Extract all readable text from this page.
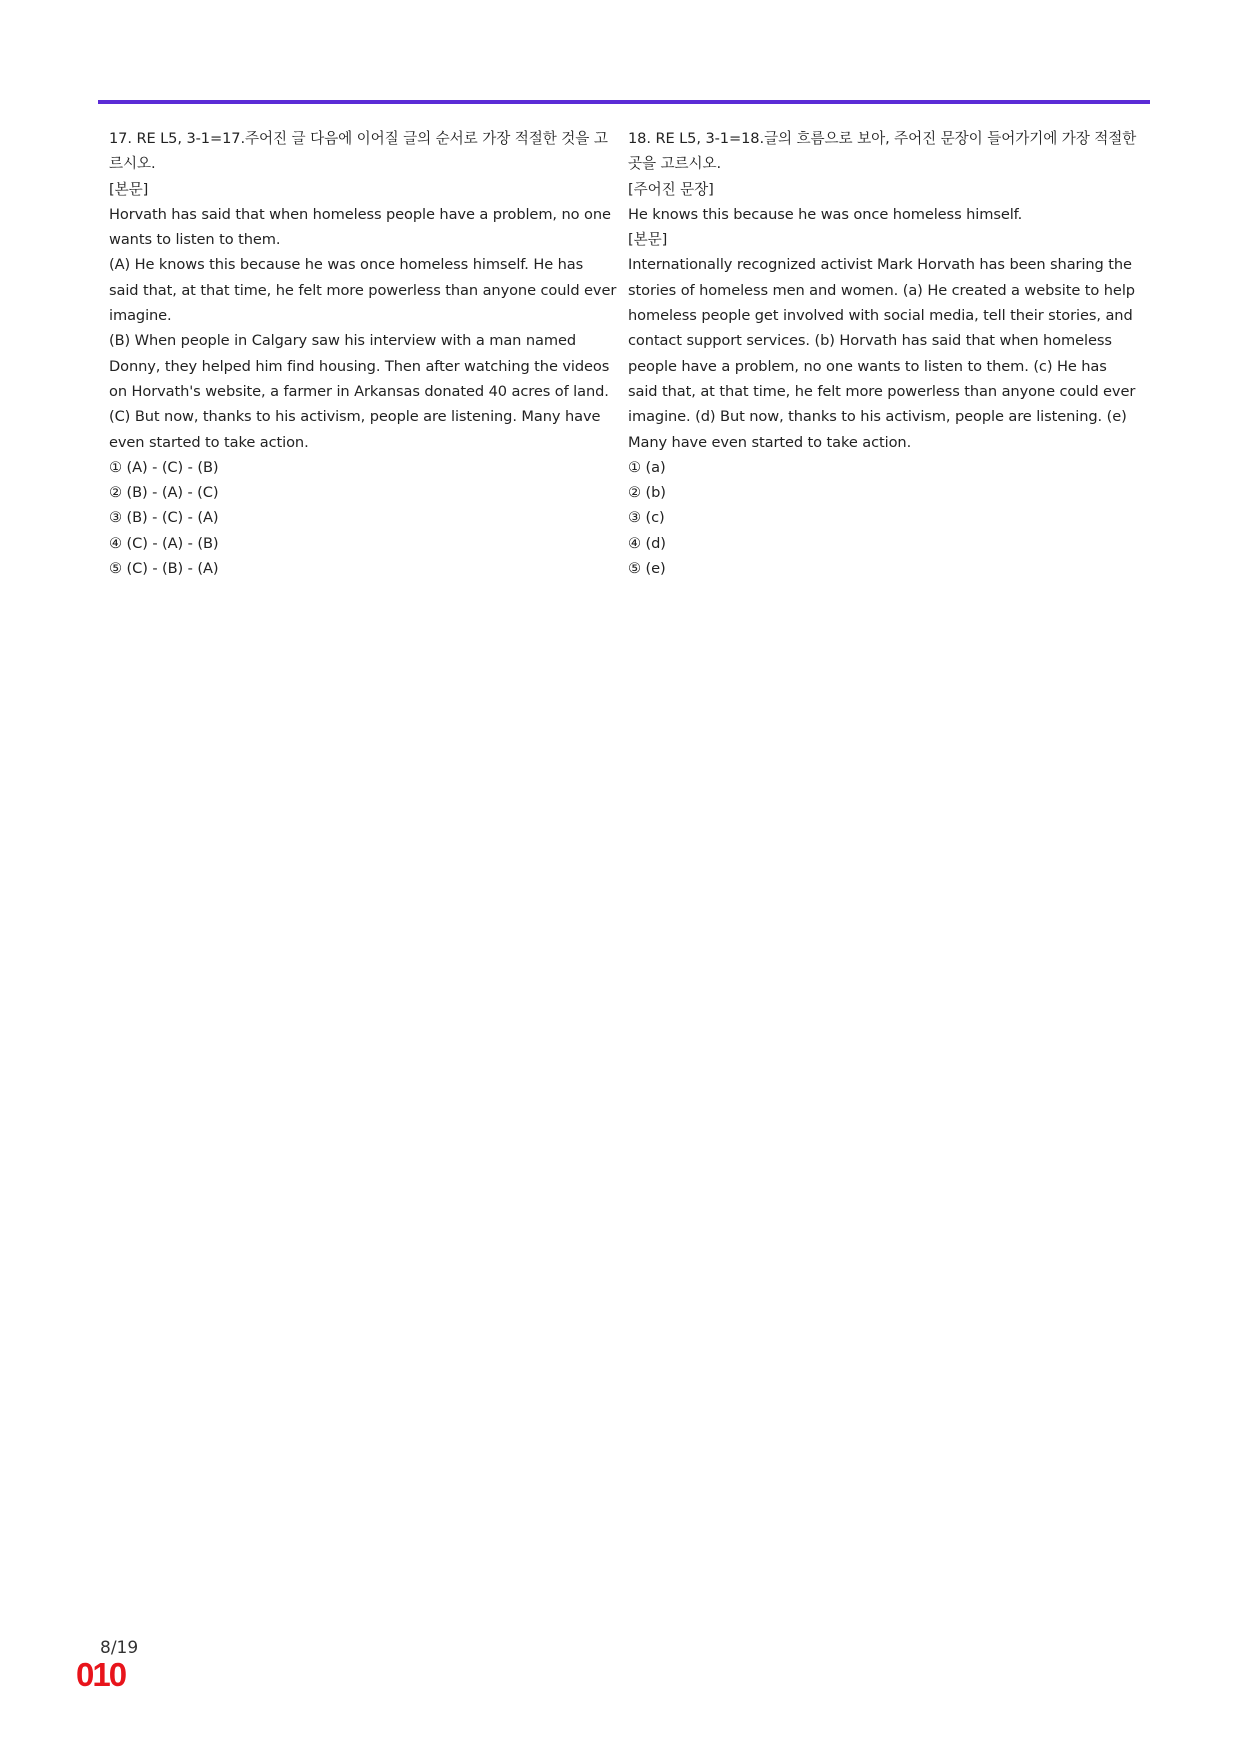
17. RE L5, 3-1=17.주어진 글 다음에 이어질 글의 순서로 가장 적절한 것을 고르시오.

[본문]

Horvath has said that when homeless people have a problem, no one wants to listen to them.

(A) He knows this because he was once homeless himself. He has said that, at that time, he felt more powerless than anyone could ever imagine.

(B) When people in Calgary saw his interview with a man named Donny, they helped him find housing. Then after watching the videos on Horvath's website, a farmer in Arkansas donated 40 acres of land.

(C) But now, thanks to his activism, people are listening. Many have even started to take action.

① (A) - (C) - (B)
② (B) - (A) - (C)
③ (B) - (C) - (A)
④ (C) - (A) - (B)
⑤ (C) - (B) - (A)

18. RE L5, 3-1=18.글의 흐름으로 보아, 주어진 문장이 들어가기에 가장 적절한 곳을 고르시오.

[주어진 문장]

He knows this because he was once homeless himself.

[본문]

Internationally recognized activist Mark Horvath has been sharing the stories of homeless men and women. (a) He created a website to help homeless people get involved with social media, tell their stories, and contact support services. (b) Horvath has said that when homeless people have a problem, no one wants to listen to them. (c) He has said that, at that time, he felt more powerless than anyone could ever imagine. (d) But now, thanks to his activism, people are listening. (e) Many have even started to take action.

① (a)
② (b)
③ (c)
④ (d)
⑤ (e)
8/19
010
